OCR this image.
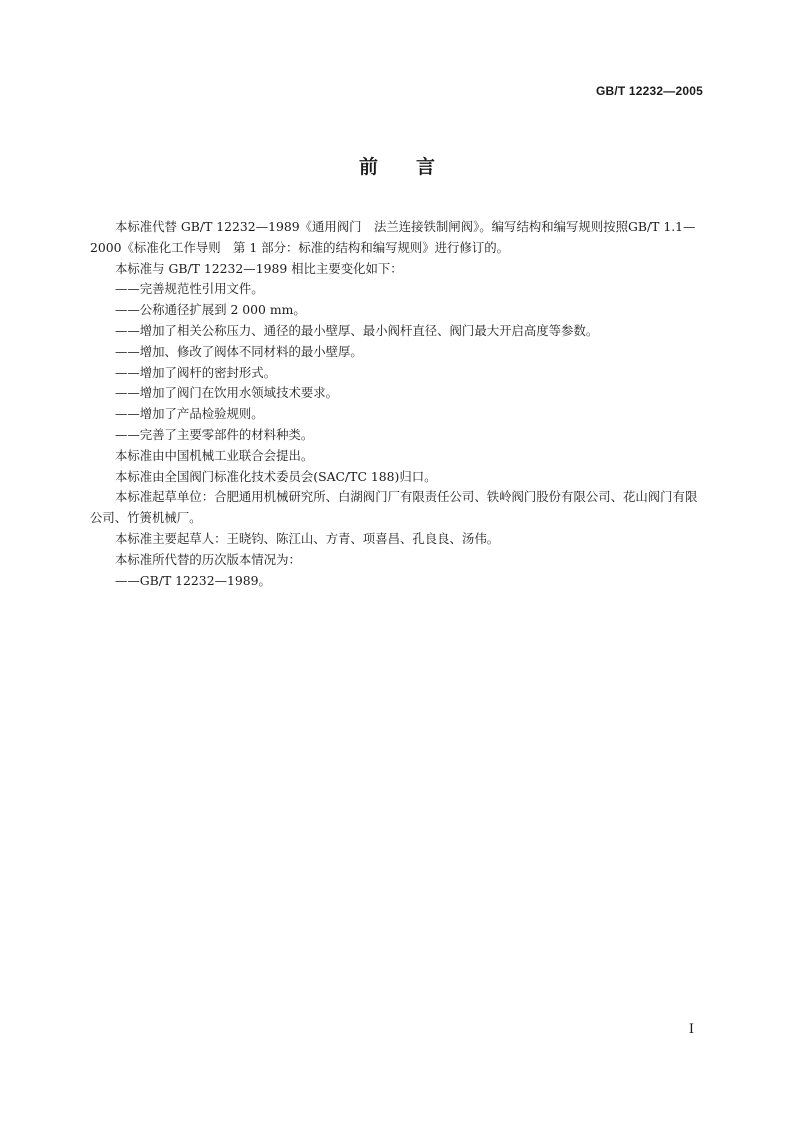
GB/T 12232—2005
前言

本标准代替 GB/T 12232—1989《通用阀门　法兰连接铁制闸阀》。编写结构和编写规则按照GB/T 1.1—2000《标准化工作导则　第 1 部分：标准的结构和编写规则》进行修订的。

本标准与 GB/T 12232—1989 相比主要变化如下：

——完善规范性引用文件。

——公称通径扩展到 2 000 mm。

——增加了相关公称压力、通径的最小壁厚、最小阀杆直径、阀门最大开启高度等参数。

——增加、修改了阀体不同材料的最小壁厚。

——增加了阀杆的密封形式。

——增加了阀门在饮用水领域技术要求。

——增加了产品检验规则。

——完善了主要零部件的材料种类。

本标准由中国机械工业联合会提出。

本标准由全国阀门标准化技术委员会(SAC/TC 188)归口。

本标准起草单位：合肥通用机械研究所、白湖阀门厂有限责任公司、铁岭阀门股份有限公司、花山阀门有限公司、竹箦机械厂。

本标准主要起草人：王晓钧、陈江山、方青、项喜昌、孔良良、汤伟。

本标准所代替的历次版本情况为：

——GB/T 12232—1989。

I
